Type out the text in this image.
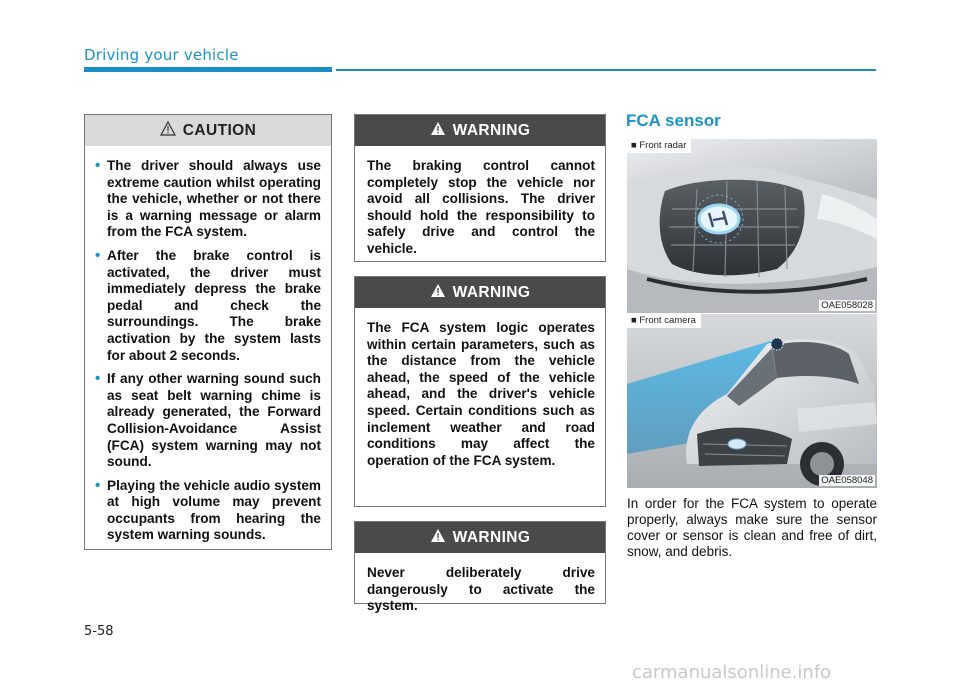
Driving your vehicle
CAUTION
• The driver should always use extreme caution whilst operating the vehicle, whether or not there is a warning message or alarm from the FCA system.
• After the brake control is activated, the driver must immediately depress the brake pedal and check the surroundings. The brake activation by the system lasts for about 2 seconds.
• If any other warning sound such as seat belt warning chime is already generated, the Forward Collision-Avoidance Assist (FCA) system warning may not sound.
• Playing the vehicle audio system at high volume may prevent occupants from hearing the system warning sounds.
WARNING

The braking control cannot completely stop the vehicle nor avoid all collisions. The driver should hold the responsibility to safely drive and control the vehicle.

WARNING

The FCA system logic operates within certain parameters, such as the distance from the vehicle ahead, the speed of the vehicle ahead, and the driver's vehicle speed. Certain conditions such as inclement weather and road conditions may affect the operation of the FCA system.

WARNING

Never deliberately drive dangerously to activate the system.

FCA sensor
■ Front radar
OAE058028
■ Front camera
OAE058048

In order for the FCA system to operate properly, always make sure the sensor cover or sensor is clean and free of dirt, snow, and debris.

5-58
carmanualsonline.info
